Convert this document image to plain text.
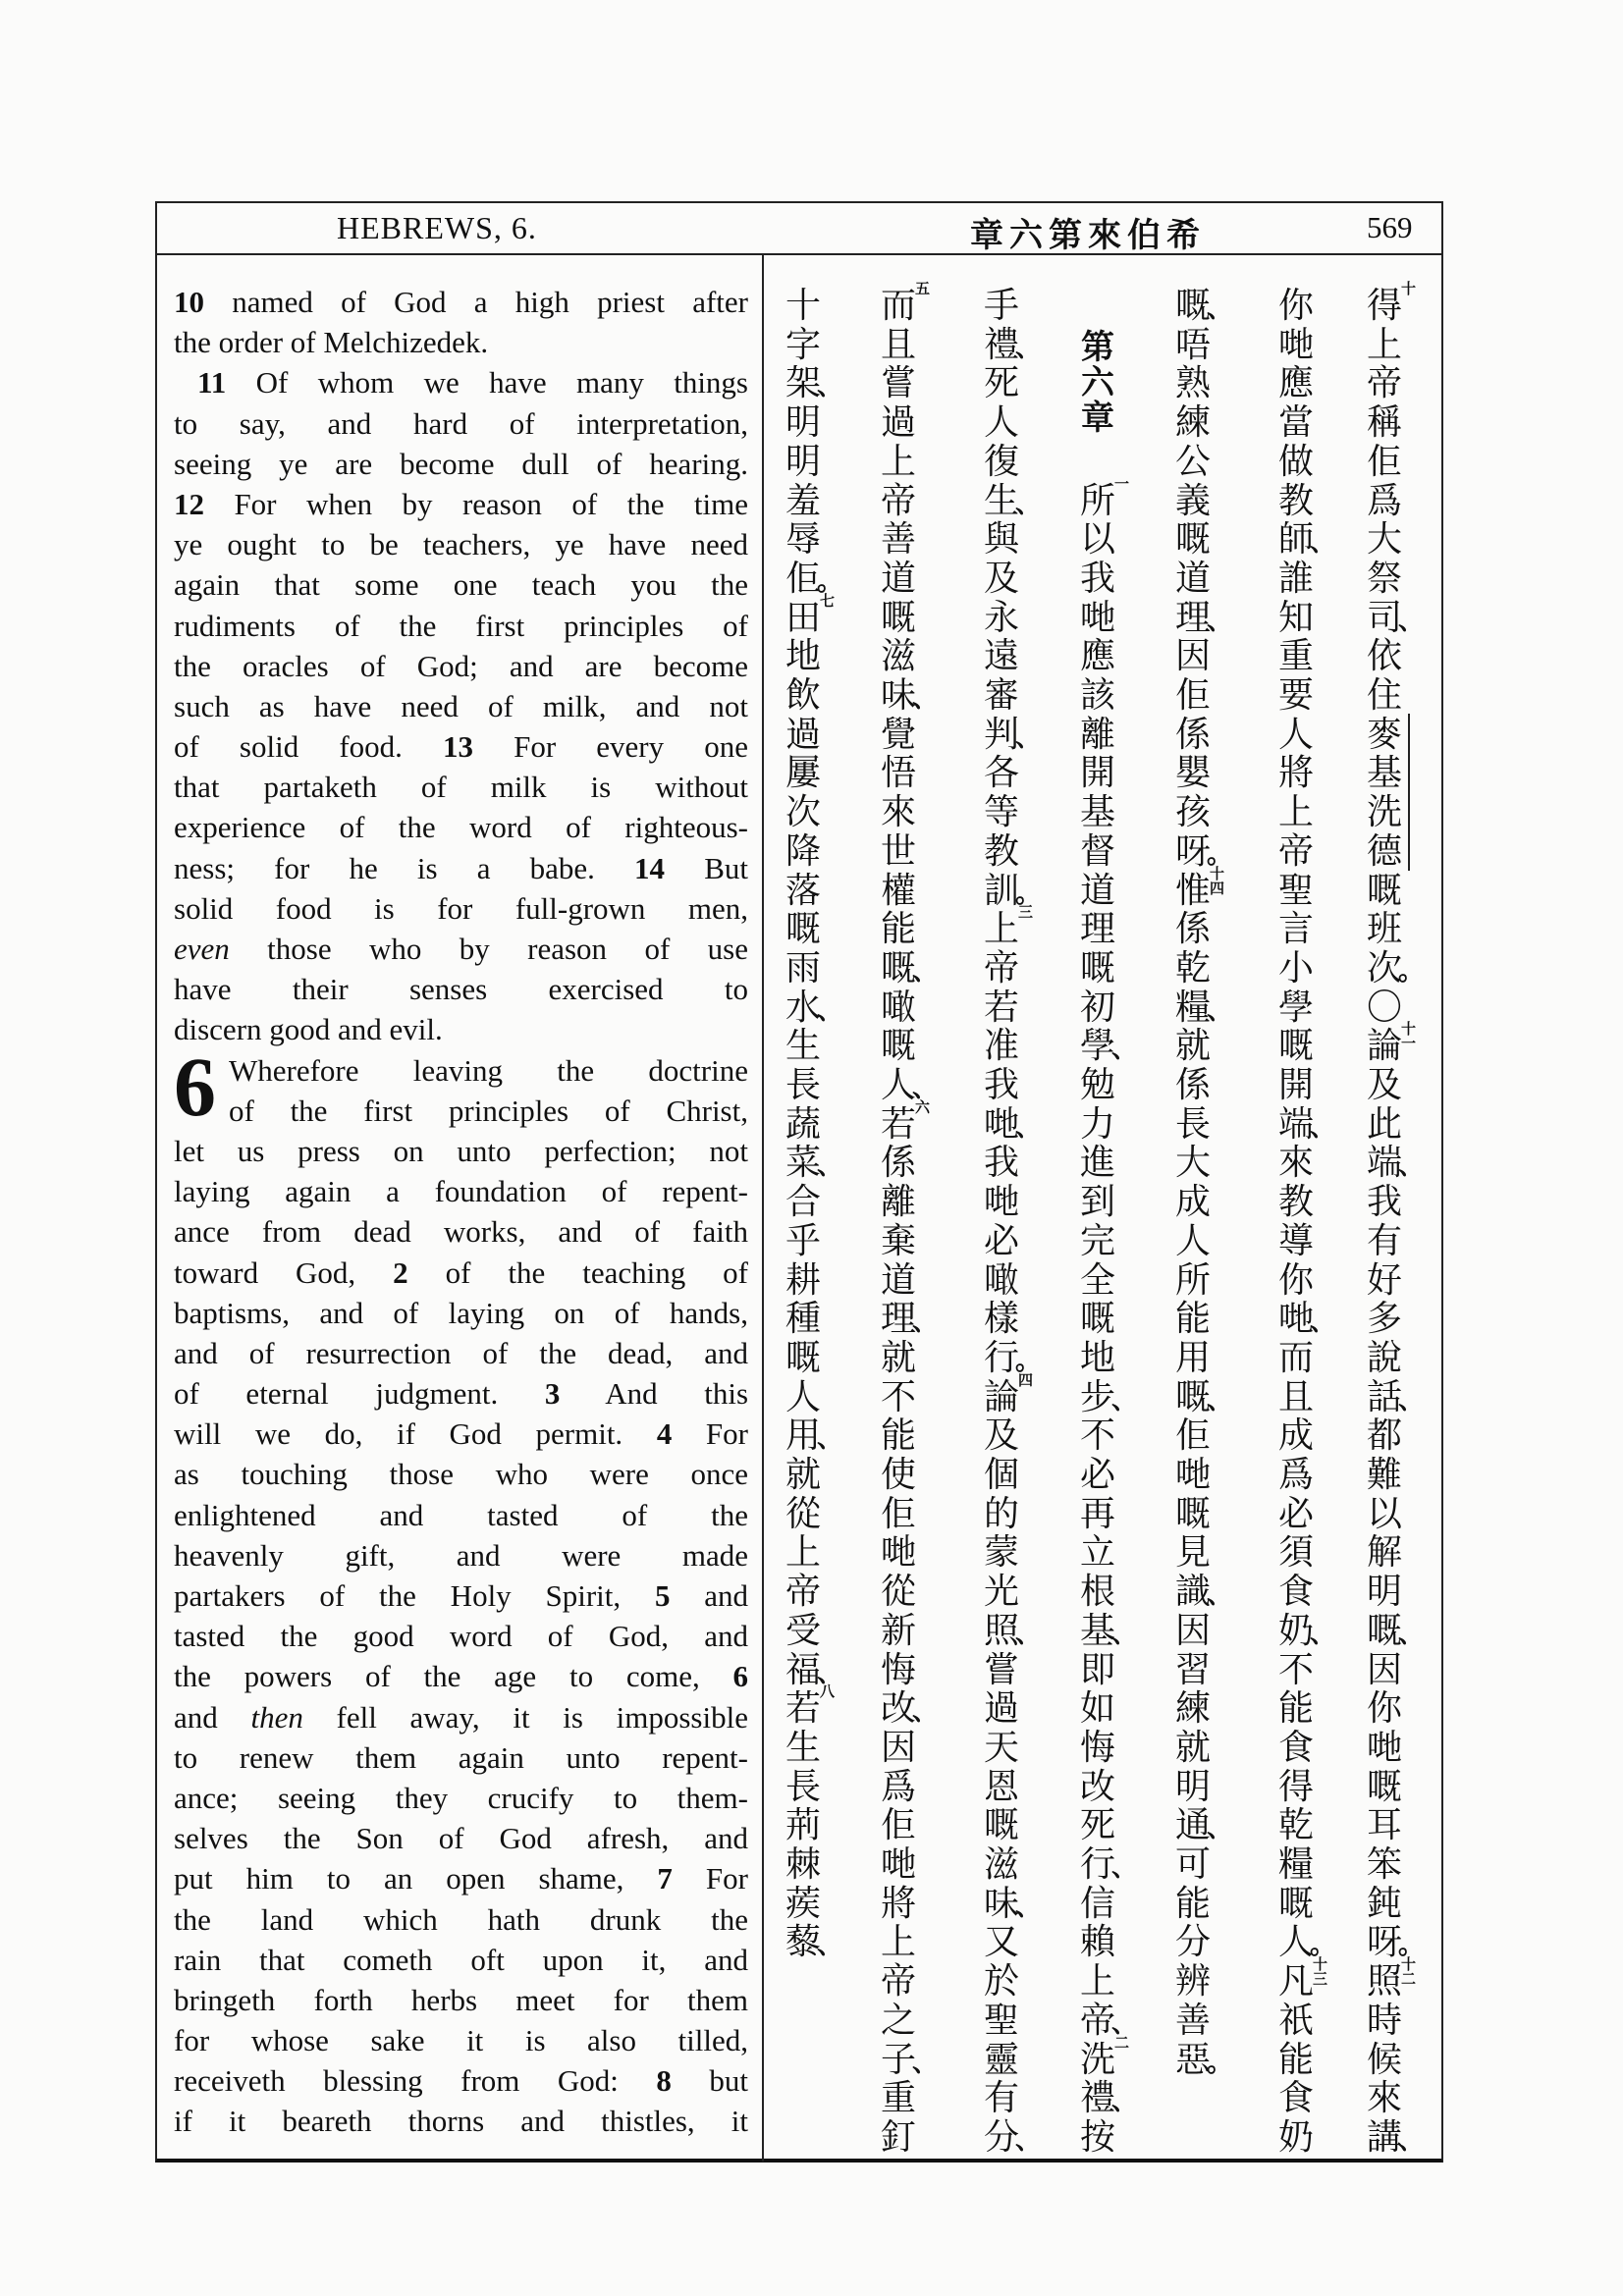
HEBREWS, 6.	希伯來第六章	569
6
10 named of God a high priest after
the order of Melchizedek.
11 Of whom we have many things
to say, and hard of interpretation,
seeing ye are become dull of hearing.
12 For when by reason of the time
ye ought to be teachers, ye have need
again that some one teach you the
rudiments of the first principles of
the oracles of God; and are become
such as have need of milk, and not
of solid food. 13 For every one
that partaketh of milk is without
experience of the word of righteous-
ness; for he is a babe. 14 But
solid food is for full-grown men,
even those who by reason of use
have their senses exercised to
discern good and evil.
Wherefore leaving the doctrine
of the first principles of Christ,
let us press on unto perfection; not
laying again a foundation of repent-
ance from dead works, and of faith
toward God, 2 of the teaching of
baptisms, and of laying on of hands,
and of resurrection of the dead, and
of eternal judgment. 3 And this
will we do, if God permit. 4 For
as touching those who were once
enlightened and tasted of the
heavenly gift, and were made
partakers of the Holy Spirit, 5 and
tasted the good word of God, and
the powers of the age to come, 6
and then fell away, it is impossible
to renew them again unto repent-
ance; seeing they crucify to them-
selves the Son of God afresh, and
put him to an open shame, 7 For
the land which hath drunk the
rain that cometh oft upon it, and
bringeth forth herbs meet for them
for whose sake it is also tilled,
receiveth blessing from God: 8 but
if it beareth thorns and thistles, it
得
十
上
帝
稱
佢
爲
大
祭
司
、
依
住
麥
基
洗
德
嘅
班
次
。
〇
論
十一
及
此
端
、
我
有
好
多
說
話
、
都
難
以
解
明
嘅
、
因
你
哋
嘅
耳
笨
鈍
呀
。
照
十二
時
候
來
講
、
你
哋
應
當
做
教
師
、
誰
知
重
要
人
將
上
帝
聖
言
小
學
嘅
開
端
、
來
教
導
你
哋
、
而
且
成
爲
必
須
食
奶
、
不
能
食
得
乾
糧
嘅
人
。
凡
十三
祇
能
食
奶
嘅
、
唔
熟
練
公
義
嘅
道
理
、
因
佢
係
嬰
孩
呀
。
惟
十四
係
乾
糧
、
就
係
長
大
成
人
所
能
用
嘅
、
佢
哋
嘅
見
識
、
因
習
練
就
明
通
、
可
能
分
辨
善
惡
。
第六章
所
一
以
我
哋
應
該
離
開
基
督
道
理
嘅
初
學
、
勉
力
進
到
完
全
嘅
地
步
、
不
必
再
立
根
基
、
即
如
悔
改
死
行
、
信
賴
上
帝
、
洗
二
禮
、
按
手
禮
、
死
人
復
生
、
與
及
永
遠
審
判
、
各
等
教
訓
。
上
三
帝
若
准
我
哋
、
我
哋
必
噉
樣
行
。
論
四
及
個
的
蒙
光
照
、
嘗
過
天
恩
嘅
滋
味
、
又
於
聖
靈
有
分
、
而
五
且
嘗
過
上
帝
善
道
嘅
滋
味
、
覺
悟
來
世
權
能
嘅
、
噉
嘅
人
、
若
六
係
離
棄
道
理
、
就
不
能
使
佢
哋
從
新
悔
改
、
因
爲
佢
哋
將
上
帝
之
子
、
重
釘
十
字
架
、
明
明
羞
辱
佢
。
田
七
地
飲
過
屢
次
降
落
嘅
雨
水
、
生
長
蔬
菜
、
合
乎
耕
種
嘅
人
用
、
就
從
上
帝
受
福
、
若
八
生
長
荊
棘
蒺
藜
、
